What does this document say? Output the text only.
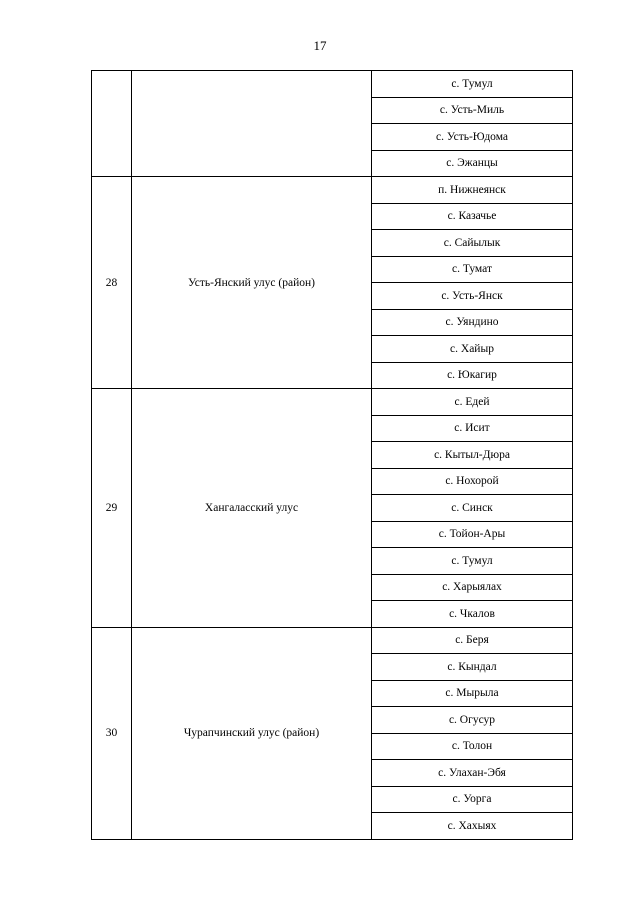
17
		с. Тумул
		с. Усть-Миль
		с. Усть-Юдома
		с. Эжанцы
28	Усть-Янский улус (район)	п. Нижнеянск
		с. Казачье
		с. Сайылык
		с. Тумат
		с. Усть-Янск
		с. Уяндино
		с. Хайыр
		с. Юкагир
29	Хангаласский улус	с. Едей
		с. Исит
		с. Кытыл-Дюра
		с. Нохорой
		с. Синск
		с. Тойон-Ары
		с. Тумул
		с. Харыялах
		с. Чкалов
30	Чурапчинский улус (район)	с. Беря
		с. Кындал
		с. Мырыла
		с. Огусур
		с. Толон
		с. Улахан-Эбя
		с. Уорга
		с. Хахыях
